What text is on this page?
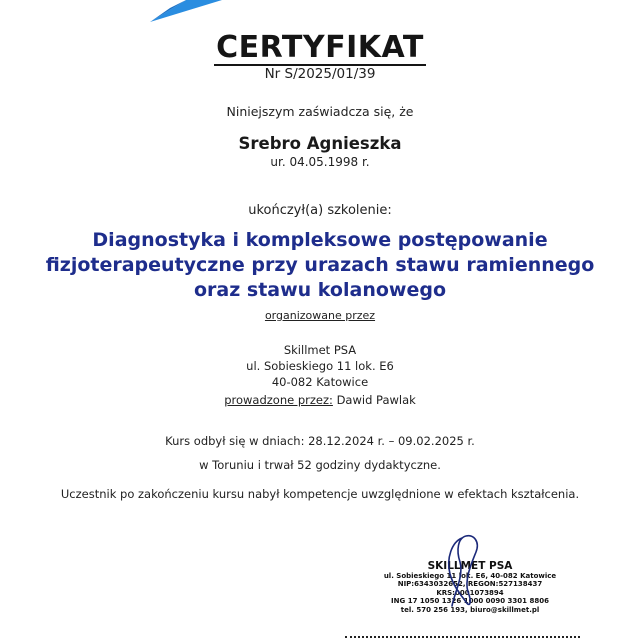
CERTYFIKAT
Nr S/2025/01/39
Niniejszym zaświadcza się, że
Srebro Agnieszka
ur. 04.05.1998 r.
ukończył(a) szkolenie:
Diagnostyka i kompleksowe postępowanie
fizjoterapeutyczne przy urazach stawu ramiennego
oraz stawu kolanowego
organizowane przez
Skillmet PSA
ul. Sobieskiego 11 lok. E6
40-082 Katowice
prowadzone przez: Dawid Pawlak
Kurs odbył się w dniach: 28.12.2024 r. – 09.02.2025 r.
w Toruniu i trwał 52 godziny dydaktyczne.
Uczestnik po zakończeniu kursu nabył kompetencje uwzględnione w efektach kształcenia.
SKILLMET PSA
ul. Sobieskiego 11 lok. E6, 40-082 Katowice
NIP:6343032652, REGON:527138437
KRS:0001073894
ING 17 1050 1326 1000 0090 3301 8806
tel. 570 256 193, biuro@skillmet.pl
